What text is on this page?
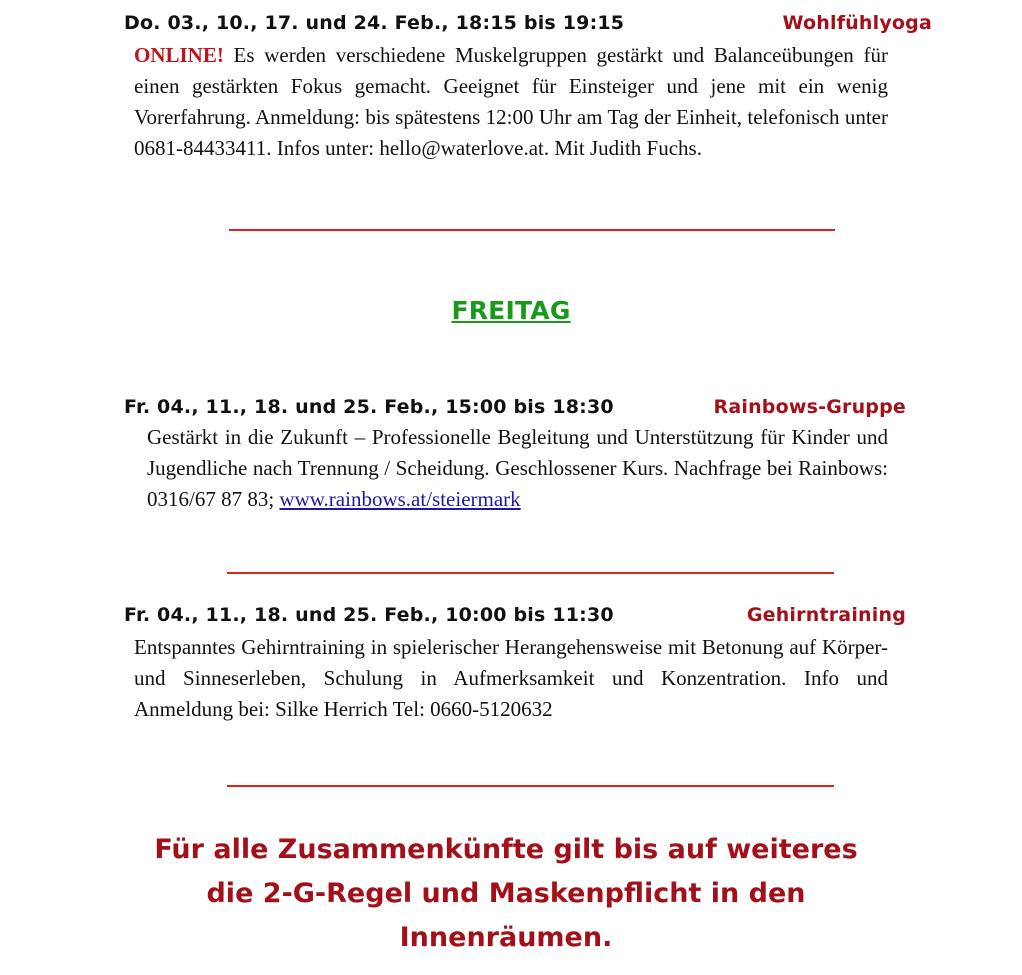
Do. 03., 10., 17. und 24. Feb., 18:15 bis 19:15	Wohlfühlyoga
ONLINE! Es werden verschiedene Muskelgruppen gestärkt und Balanceübungen für einen gestärkten Fokus gemacht. Geeignet für Einsteiger und jene mit ein wenig Vorerfahrung. Anmeldung: bis spätestens 12:00 Uhr am Tag der Einheit, telefonisch unter 0681-84433411. Infos unter: hello@waterlove.at. Mit Judith Fuchs.
FREITAG
Fr. 04., 11., 18. und 25. Feb., 15:00 bis 18:30	Rainbows-Gruppe
Gestärkt in die Zukunft – Professionelle Begleitung und Unterstützung für Kinder und Jugendliche nach Trennung / Scheidung. Geschlossener Kurs. Nachfrage bei Rainbows: 0316/67 87 83; www.rainbows.at/steiermark
Fr. 04., 11., 18. und 25. Feb., 10:00 bis 11:30	Gehirntraining
Entspanntes Gehirntraining in spielerischer Herangehensweise mit Betonung auf Körper- und Sinneserleben, Schulung in Aufmerksamkeit und Konzentration. Info und Anmeldung bei: Silke Herrich Tel: 0660-5120632
Für alle Zusammenkünfte gilt bis auf weiteres
die 2-G-Regel und Maskenpflicht in den
Innenräumen.
